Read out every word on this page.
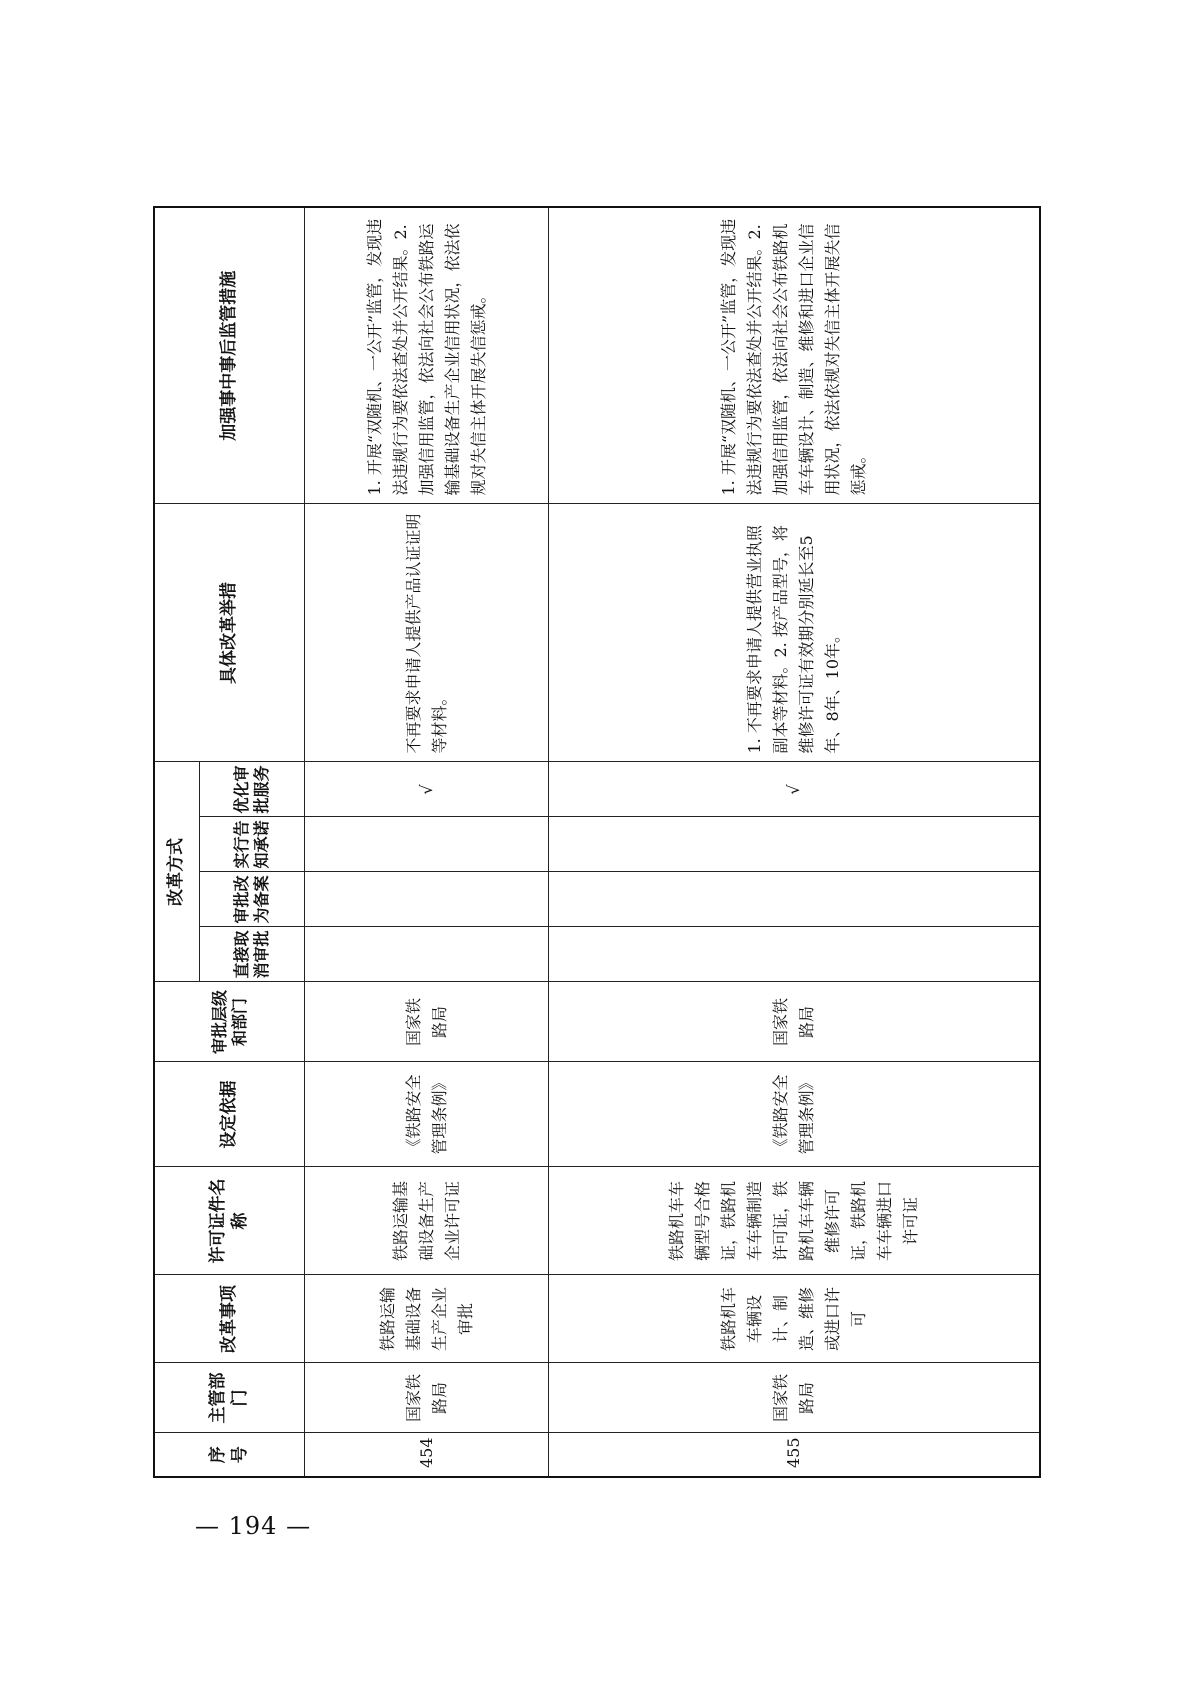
序号	主管部门	改革事项	许可证件名称	设定依据	审批层级和部门	改革方式				具体改革举措	加强事中事后监管措施
						直接取消审批	审批改为备案	实行告知承诺	优化审批服务		
454	国家铁路局	铁路运输基础设备生产企业审批	铁路运输基础设备生产企业许可证	《铁路安全管理条例》	国家铁路局				√	不再要求申请人提供产品认证证明等材料。	1. 开展“双随机、一公开”监管，发现违法违规行为要依法查处并公开结果。2. 加强信用监管，依法向社会公布铁路运输基础设备生产企业信用状况，依法依规对失信主体开展失信惩戒。
455	国家铁路局	铁路机车车辆设计、制造、维修或进口许可	铁路机车车辆型号合格证，铁路机车车辆制造许可证，铁路机车车辆维修许可证，铁路机车车辆进口许可证	《铁路安全管理条例》	国家铁路局				√	1. 不再要求申请人提供营业执照副本等材料。2. 按产品型号，将维修许可证有效期分别延长至5年、8年、10年。	1. 开展“双随机、一公开”监管，发现违法违规行为要依法查处并公开结果。2. 加强信用监管，依法向社会公布铁路机车车辆设计、制造、维修和进口企业信用状况，依法依规对失信主体开展失信惩戒。
— 194 —
